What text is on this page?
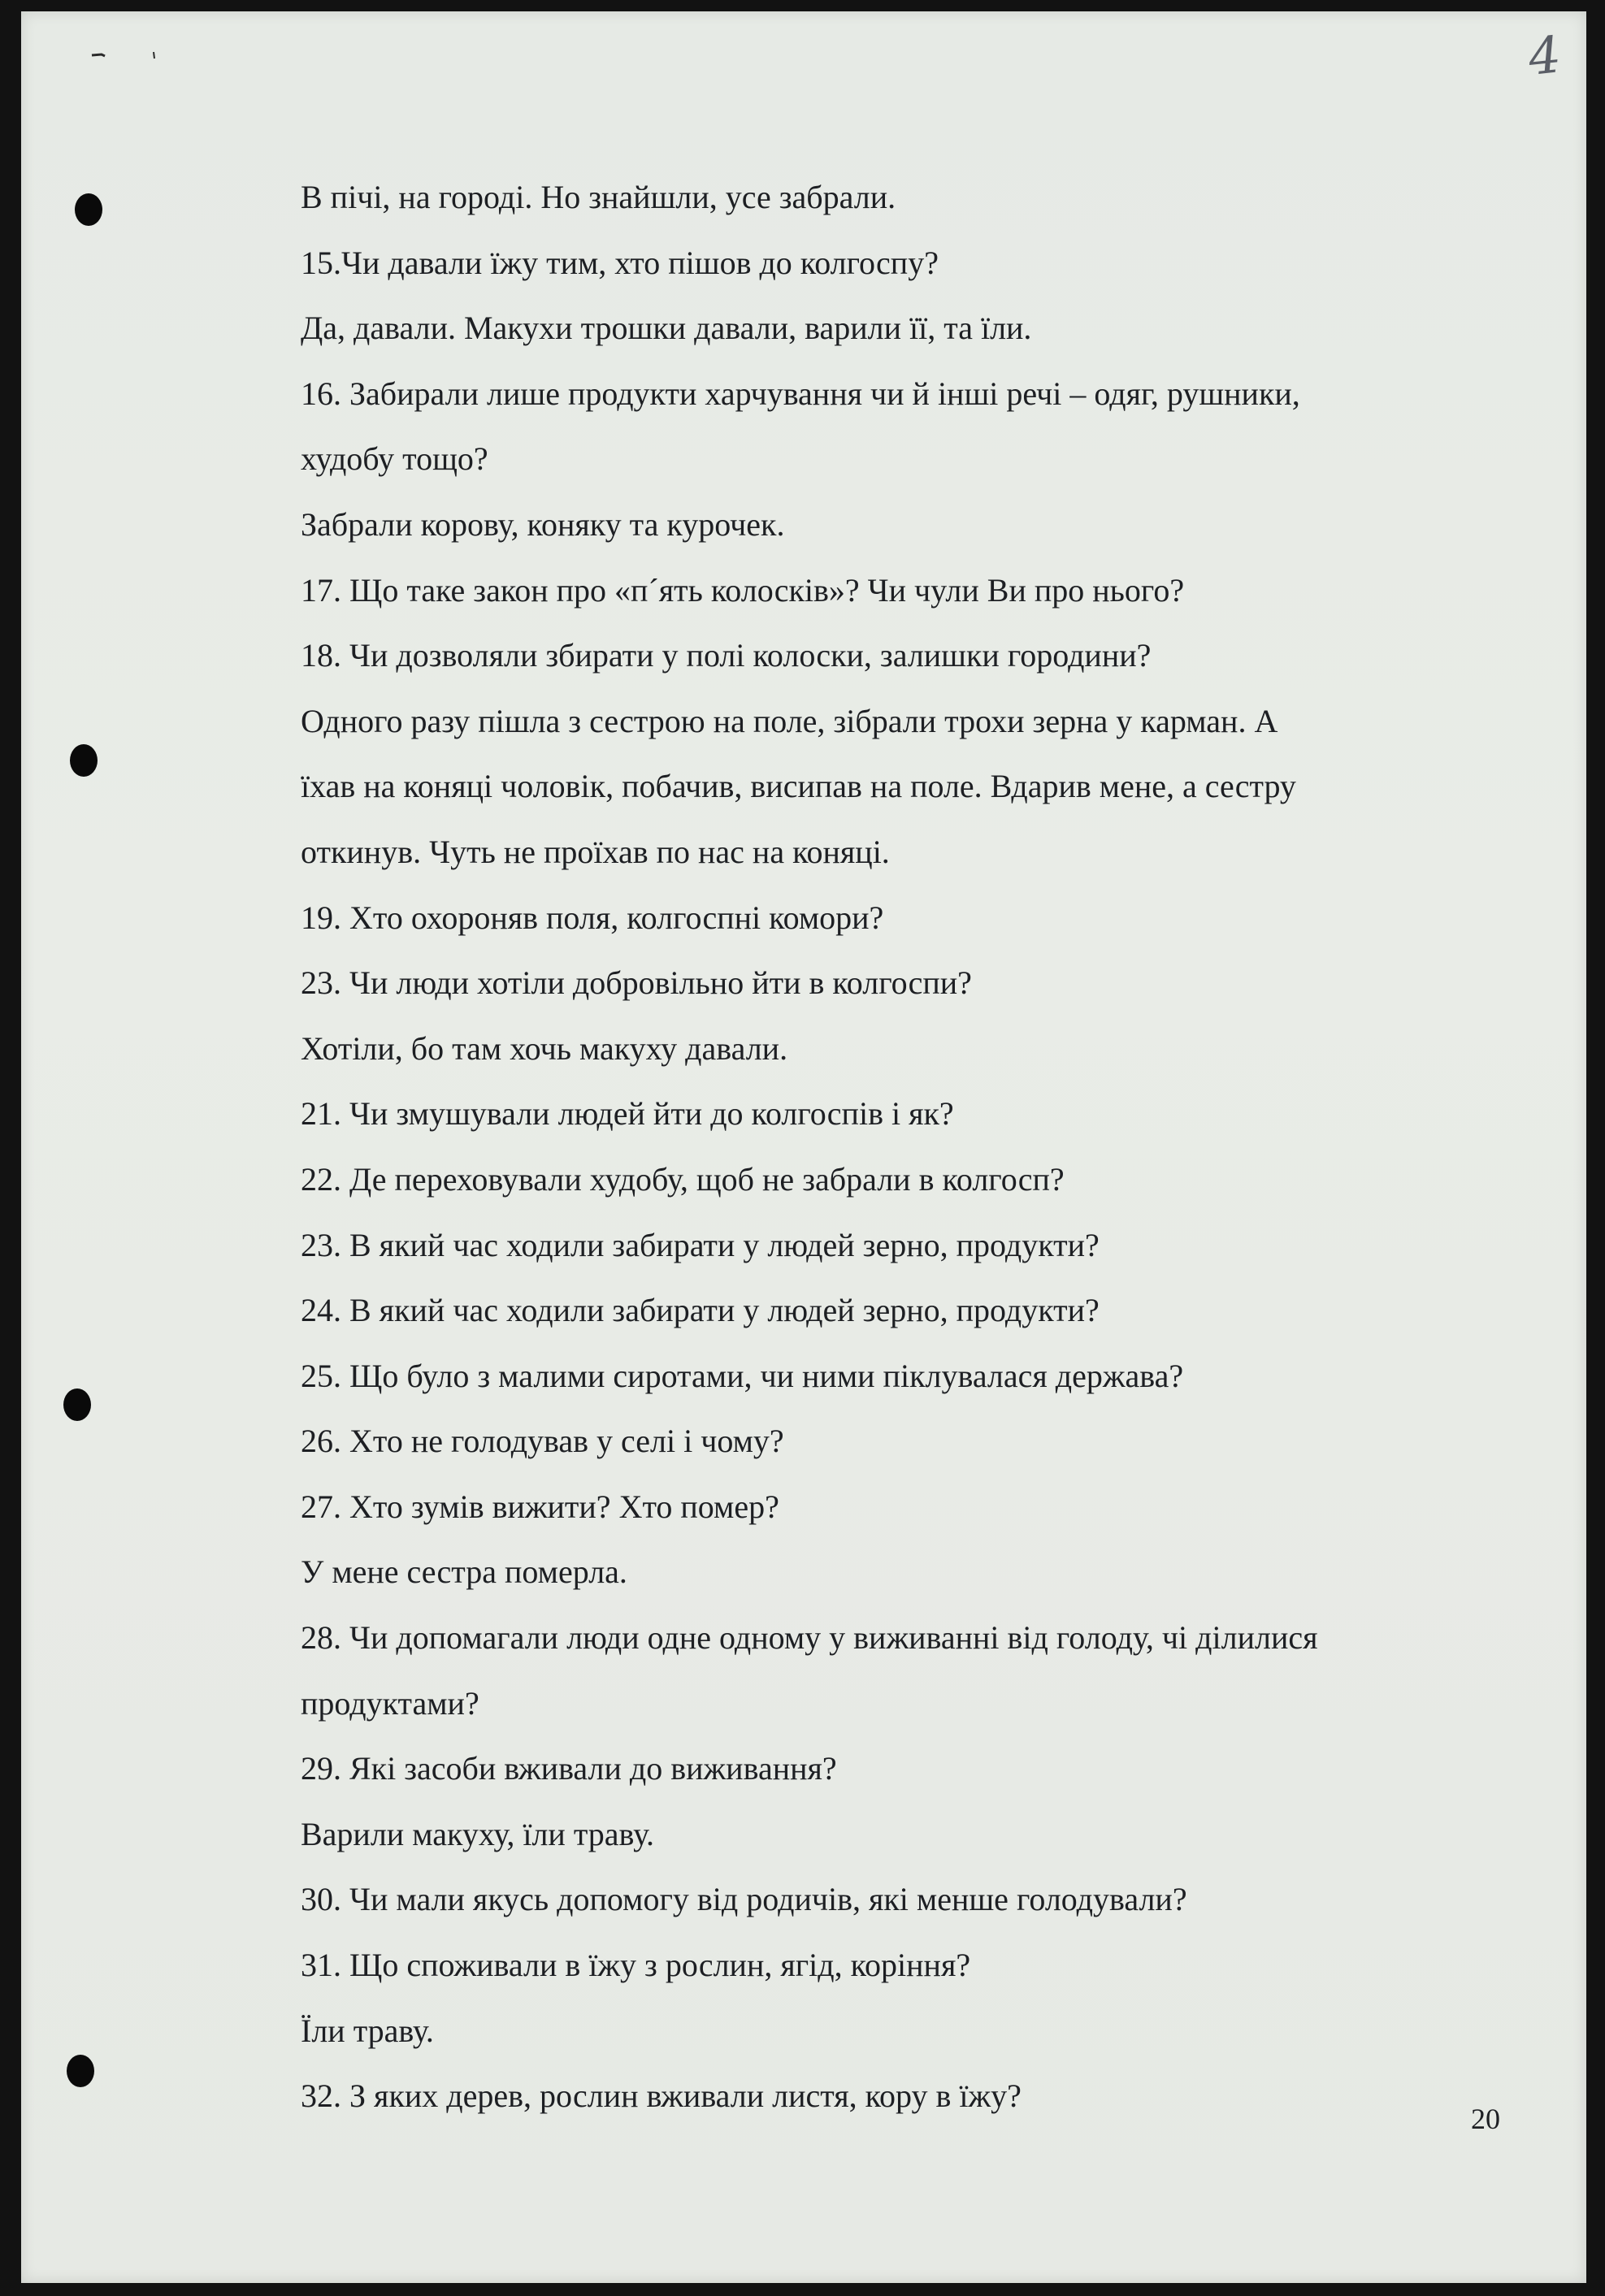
4
В пічі, на городі. Но знайшли, усе забрали.
15.Чи давали їжу тим, хто пішов до колгоспу?
Да, давали. Макухи трошки давали, варили її, та їли.
16. Забирали лише продукти харчування чи й інші речі – одяг, рушники,
худобу тощо?
Забрали корову, коняку та курочек.
17. Що таке закон про «п´ять колосків»? Чи чули Ви про нього?
18. Чи дозволяли збирати у полі колоски, залишки городини?
Одного разу пішла з сестрою на поле, зібрали трохи зерна у карман. А
їхав на коняці чоловік, побачив, висипав на поле. Вдарив мене, а сестру
откинув. Чуть не проїхав по нас на коняці.
19. Хто охороняв поля, колгоспні комори?
23. Чи люди хотіли добровільно йти в колгоспи?
Хотіли, бо там хочь макуху давали.
21. Чи змушували людей йти до колгоспів і як?
22. Де переховували худобу, щоб не забрали в колгосп?
23. В який час ходили забирати у людей зерно, продукти?
24. В який час ходили забирати у людей зерно, продукти?
25. Що було з малими сиротами, чи ними піклувалася держава?
26. Хто не голодував у селі і чому?
27. Хто зумів вижити? Хто помер?
У мене сестра померла.
28. Чи допомагали люди одне одному у виживанні від голоду, чі ділилися
продуктами?
29. Які засоби вживали до виживання?
Варили макуху, їли траву.
30. Чи мали якусь допомогу від родичів, які менше голодували?
31. Що споживали в їжу з рослин, ягід, коріння?
Їли траву.
32. З яких дерев, рослин вживали листя, кору в їжу?
20
